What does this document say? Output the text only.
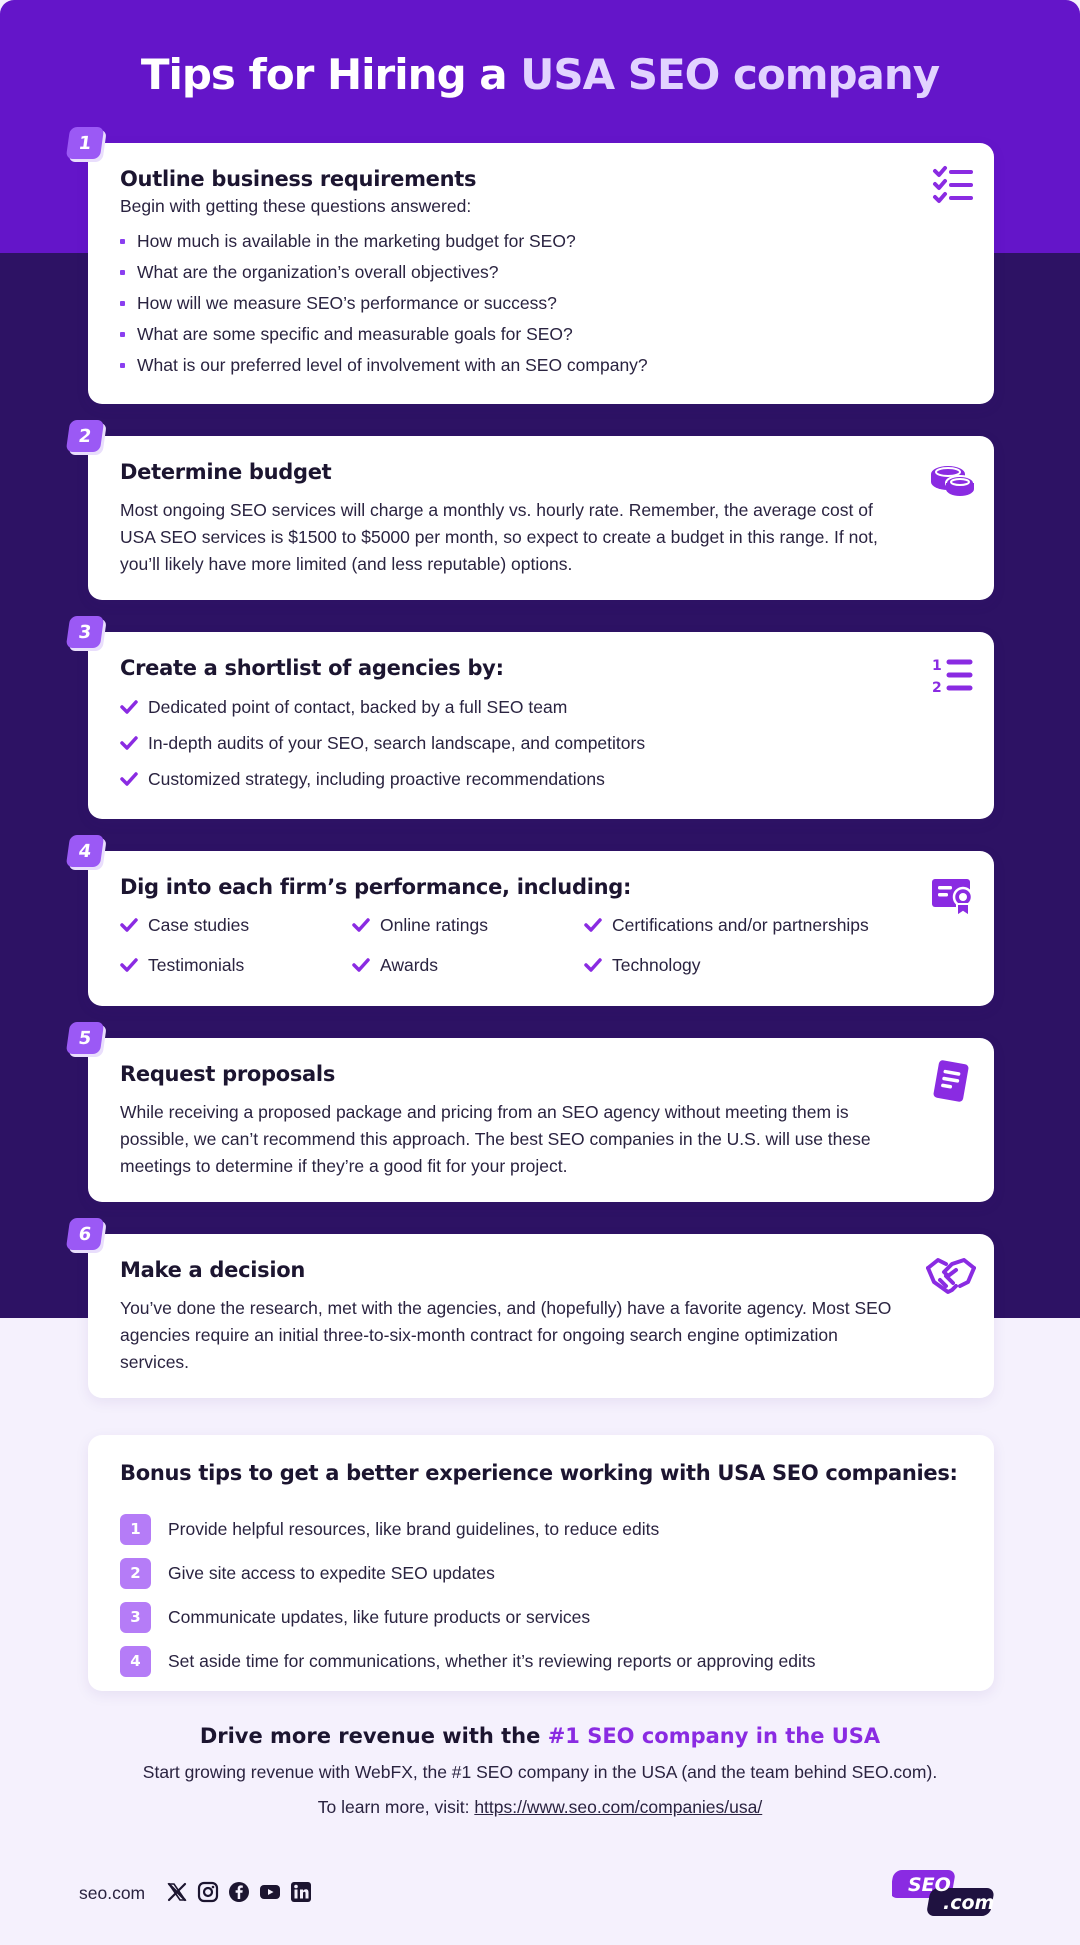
Tips for Hiring a USA SEO company
1
Outline business requirements

Begin with getting these questions answered:

How much is available in the marketing budget for SEO?
What are the organization’s overall objectives?
How will we measure SEO’s performance or success?
What are some specific and measurable goals for SEO?
What is our preferred level of involvement with an SEO company?
2
Determine budget

Most ongoing SEO services will charge a monthly vs. hourly rate. Remember, the average cost of USA SEO services is $1500 to $5000 per month, so expect to create a budget in this range. If not, you’ll likely have more limited (and less reputable) options.

3
Create a shortlist of agencies by:
Dedicated point of contact, backed by a full SEO team
In-depth audits of your SEO, search landscape, and competitors
Customized strategy, including proactive recommendations
1
2
4
Dig into each firm’s performance, including:
Case studies	Online ratings	Certifications and/or partnerships
Testimonials	Awards	Technology
5
Request proposals

While receiving a proposed package and pricing from an SEO agency without meeting them is possible, we can’t recommend this approach. The best SEO companies in the U.S. will use these meetings to determine if they’re a good fit for your project.

6
Make a decision

You’ve done the research, met with the agencies, and (hopefully) have a favorite agency. Most SEO agencies require an initial three-to-six-month contract for ongoing search engine optimization services.

Bonus tips to get a better experience working with USA SEO companies:
1	Provide helpful resources, like brand guidelines, to reduce edits
2	Give site access to expedite SEO updates
3	Communicate updates, like future products or services
4	Set aside time for communications, whether it’s reviewing reports or approving edits
Drive more revenue with the #1 SEO company in the USA

Start growing revenue with WebFX, the #1 SEO company in the USA (and the team behind SEO.com).

To learn more, visit: https://www.seo.com/companies/usa/

seo.com	SEO
.com
